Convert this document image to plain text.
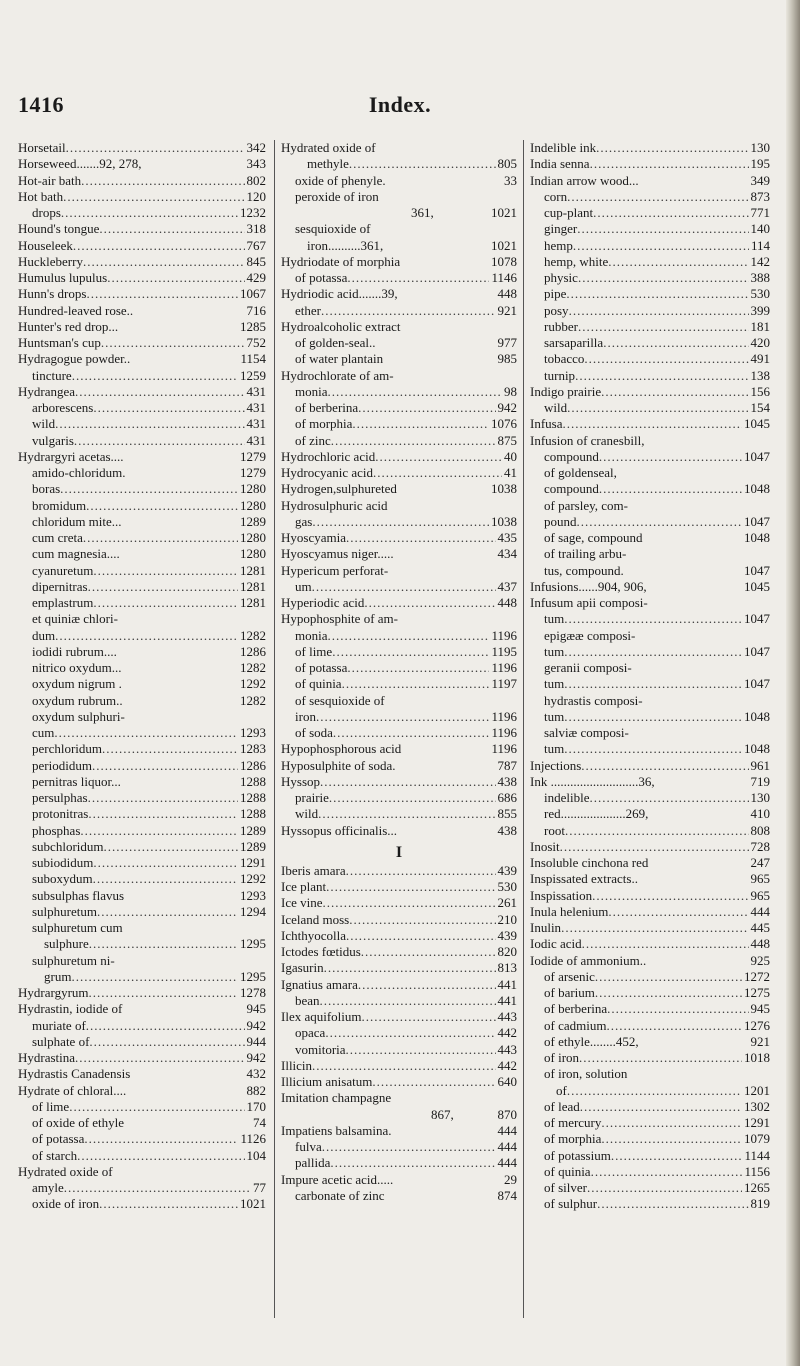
1416	Index.
Horsetail .....	342
Horseweed.......92, 278,	343
Hot-air bath .....	802
Hot bath .....	120
drops .....	1232
Hound's tongue .....	318
Houseleek .....	767
Huckleberry .....	845
Humulus lupulus .....	429
Hunn's drops .....	1067
Hundred-leaved rose..	716
Hunter's red drop...	1285
Huntsman's cup .....	752
Hydragogue powder..	1154
tincture .....	1259
Hydrangea .....	431
arborescens .....	431
wild .....	431
vulgaris .....	431
Hydrargyri acetas....	1279
amido-chloridum.	1279
boras .....	1280
bromidum .....	1280
chloridum mite...	1289
cum creta .....	1280
cum magnesia....	1280
cyanuretum .....	1281
dipernitras .....	1281
emplastrum .....	1281
et quiniæ chlori-
dum .....	1282
iodidi rubrum....	1286
nitrico oxydum...	1282
oxydum nigrum .	1292
oxydum rubrum..	1282
oxydum sulphuri-
cum .....	1293
perchloridum .....	1283
periodidum .....	1286
pernitras liquor...	1288
persulphas .....	1288
protonitras .....	1288
phosphas .....	1289
subchloridum .....	1289
subiodidum .....	1291
suboxydum .....	1292
subsulphas flavus	1293
sulphuretum .....	1294
sulphuretum cum
sulphure .....	1295
sulphuretum ni-
grum .....	1295
Hydrargyrum .....	1278
Hydrastin, iodide of	945
muriate of .....	942
sulphate of .....	944
Hydrastina .....	942
Hydrastis Canadensis	432
Hydrate of chloral....	882
of lime .....	170
of oxide of ethyle	74
of potassa .....	1126
of starch .....	104
Hydrated oxide of
amyle .....	77
oxide of iron .....	1021
Hydrated oxide of
methyle .....	805
oxide of phenyle.	33
peroxide of iron
361,	1021
sesquioxide of
iron..........361,	1021
Hydriodate of morphia	1078
of potassa .....	1146
Hydriodic acid.......39,	448
ether .....	921
Hydroalcoholic extract
of golden-seal..	977
of water plantain	985
Hydrochlorate of am-
monia .....	98
of berberina .....	942
of morphia .....	1076
of zinc .....	875
Hydrochloric acid .....	40
Hydrocyanic acid .....	41
Hydrogen,sulphureted	1038
Hydrosulphuric acid
gas .....	1038
Hyoscyamia .....	435
Hyoscyamus niger.....	434
Hypericum perforat-
um .....	437
Hyperiodic acid .....	448
Hypophosphite of am-
monia .....	1196
of lime .....	1195
of potassa .....	1196
of quinia .....	1197
of sesquioxide of
iron .....	1196
of soda .....	1196
Hypophosphorous acid	1196
Hyposulphite of soda.	787
Hyssop .....	438
prairie .....	686
wild .....	855
Hyssopus officinalis...	438
I
Iberis amara .....	439
Ice plant .....	530
Ice vine .....	261
Iceland moss .....	210
Ichthyocolla .....	439
Ictodes fœtidus .....	820
Igasurin .....	813
Ignatius amara .....	441
bean .....	441
Ilex aquifolium .....	443
opaca .....	442
vomitoria .....	443
Illicin .....	442
Illicium anisatum .....	640
Imitation champagne
867,	870
Impatiens balsamina.	444
fulva .....	444
pallida .....	444
Impure acetic acid.....	29
carbonate of zinc	874
Indelible ink .....	130
India senna .....	195
Indian arrow wood...	349
corn .....	873
cup-plant .....	771
ginger .....	140
hemp .....	114
hemp, white .....	142
physic .....	388
pipe .....	530
posy .....	399
rubber .....	181
sarsaparilla .....	420
tobacco .....	491
turnip .....	138
Indigo prairie .....	156
wild .....	154
Infusa .....	1045
Infusion of cranesbill,
compound .....	1047
of goldenseal,
compound .....	1048
of parsley, com-
pound .....	1047
of sage, compound	1048
of trailing arbu-
tus, compound.	1047
Infusions......904, 906,	1045
Infusum apii composi-
tum .....	1047
epigææ composi-
tum .....	1047
geranii composi-
tum .....	1047
hydrastis composi-
tum .....	1048
salviæ composi-
tum .....	1048
Injections .....	961
Ink ...........................36,	719
indelible .....	130
red....................269,	410
root .....	808
Inosit .....	728
Insoluble cinchona red	247
Inspissated extracts..	965
Inspissation .....	965
Inula helenium .....	444
Inulin .....	445
Iodic acid .....	448
Iodide of ammonium..	925
of arsenic .....	1272
of barium .....	1275
of berberina .....	945
of cadmium .....	1276
of ethyle........452,	921
of iron .....	1018
of iron, solution
of .....	1201
of lead .....	1302
of mercury .....	1291
of morphia .....	1079
of potassium .....	1144
of quinia .....	1156
of silver .....	1265
of sulphur .....	819
